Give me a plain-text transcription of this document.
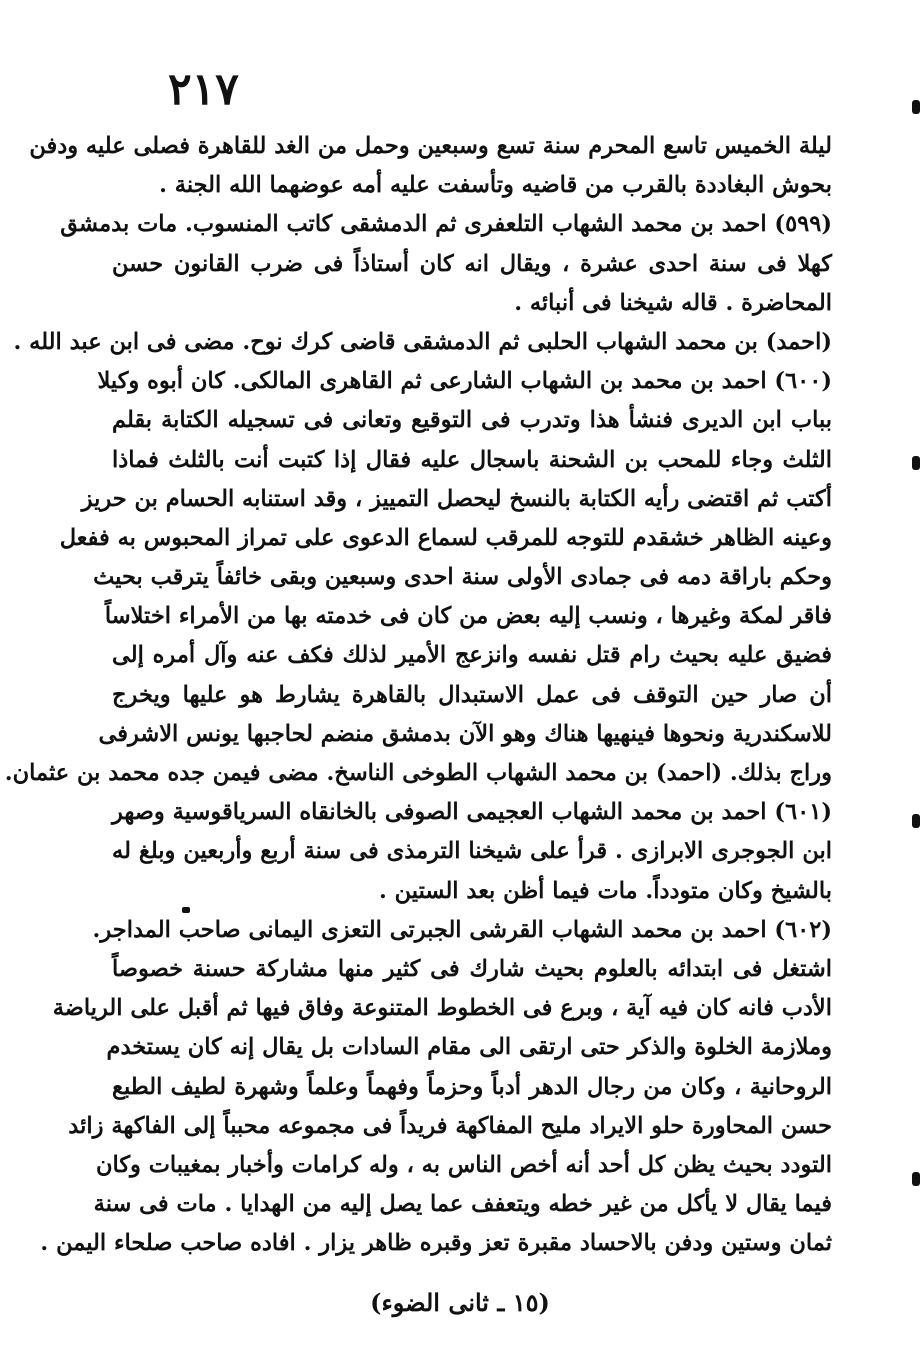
٢١٧
ليلة الخميس تاسع المحرم سنة تسع وسبعين وحمل من الغد للقاهرة فصلى عليه ودفن
بحوش البغاددة بالقرب من قاضيه وتأسفت عليه أمه عوضهما الله الجنة .
(٥٩٩) احمد بن محمد الشهاب التلعفرى ثم الدمشقى كاتب المنسوب. مات بدمشق
كهلا فى سنة احدى عشرة ، ويقال انه كان أستاذاً فى ضرب القانون حسن
المحاضرة . قاله شيخنا فى أنبائه .
(احمد) بن محمد الشهاب الحلبى ثم الدمشقى قاضى كرك نوح. مضى فى ابن عبد الله .
(٦٠٠) احمد بن محمد بن الشهاب الشارعى ثم القاهرى المالكى. كان أبوه وكيلا
بباب ابن الديرى فنشأ هذا وتدرب فى التوقيع وتعانى فى تسجيله الكتابة بقلم
الثلث وجاء للمحب بن الشحنة باسجال عليه فقال إذا كتبت أنت بالثلث فماذا
أكتب ثم اقتضى رأيه الكتابة بالنسخ ليحصل التمييز ، وقد استنابه الحسام بن حريز
وعينه الظاهر خشقدم للتوجه للمرقب لسماع الدعوى على تمراز المحبوس به ففعل
وحكم باراقة دمه فى جمادى الأولى سنة احدى وسبعين وبقى خائفاً يترقب بحيث
فاقر لمكة وغيرها ، ونسب إليه بعض من كان فى خدمته بها من الأمراء اختلاساً
فضيق عليه بحيث رام قتل نفسه وانزعج الأمير لذلك فكف عنه وآل أمره إلى
أن صار حين التوقف فى عمل الاستبدال بالقاهرة يشارط هو عليها ويخرج
للاسكندرية ونحوها فينهيها هناك وهو الآن بدمشق منضم لحاجبها يونس الاشرفى
وراج بذلك. (احمد) بن محمد الشهاب الطوخى الناسخ. مضى فيمن جده محمد بن عثمان.
(٦٠١) احمد بن محمد الشهاب العجيمى الصوفى بالخانقاه السرياقوسية وصهر
ابن الجوجرى الابرازى . قرأ على شيخنا الترمذى فى سنة أربع وأربعين وبلغ له
بالشيخ وكان متودداً. مات فيما أظن بعد الستين .
(٦٠٢) احمد بن محمد الشهاب القرشى الجبرتى التعزى اليمانى صاحب المداجر.
اشتغل فى ابتدائه بالعلوم بحيث شارك فى كثير منها مشاركة حسنة خصوصاً
الأدب فانه كان فيه آية ، وبرع فى الخطوط المتنوعة وفاق فيها ثم أقبل على الرياضة
وملازمة الخلوة والذكر حتى ارتقى الى مقام السادات بل يقال إنه كان يستخدم
الروحانية ، وكان من رجال الدهر أدباً وحزماً وفهماً وعلماً وشهرة لطيف الطبع
حسن المحاورة حلو الايراد مليح المفاكهة فريداً فى مجموعه محبباً إلى الفاكهة زائد
التودد بحيث يظن كل أحد أنه أخص الناس به ، وله كرامات وأخبار بمغيبات وكان
فيما يقال لا يأكل من غير خطه ويتعفف عما يصل إليه من الهدايا . مات فى سنة
ثمان وستين ودفن بالاحساد مقبرة تعز وقبره ظاهر يزار . افاده صاحب صلحاء اليمن .
(١٥ ـ ثانى الضوء)
